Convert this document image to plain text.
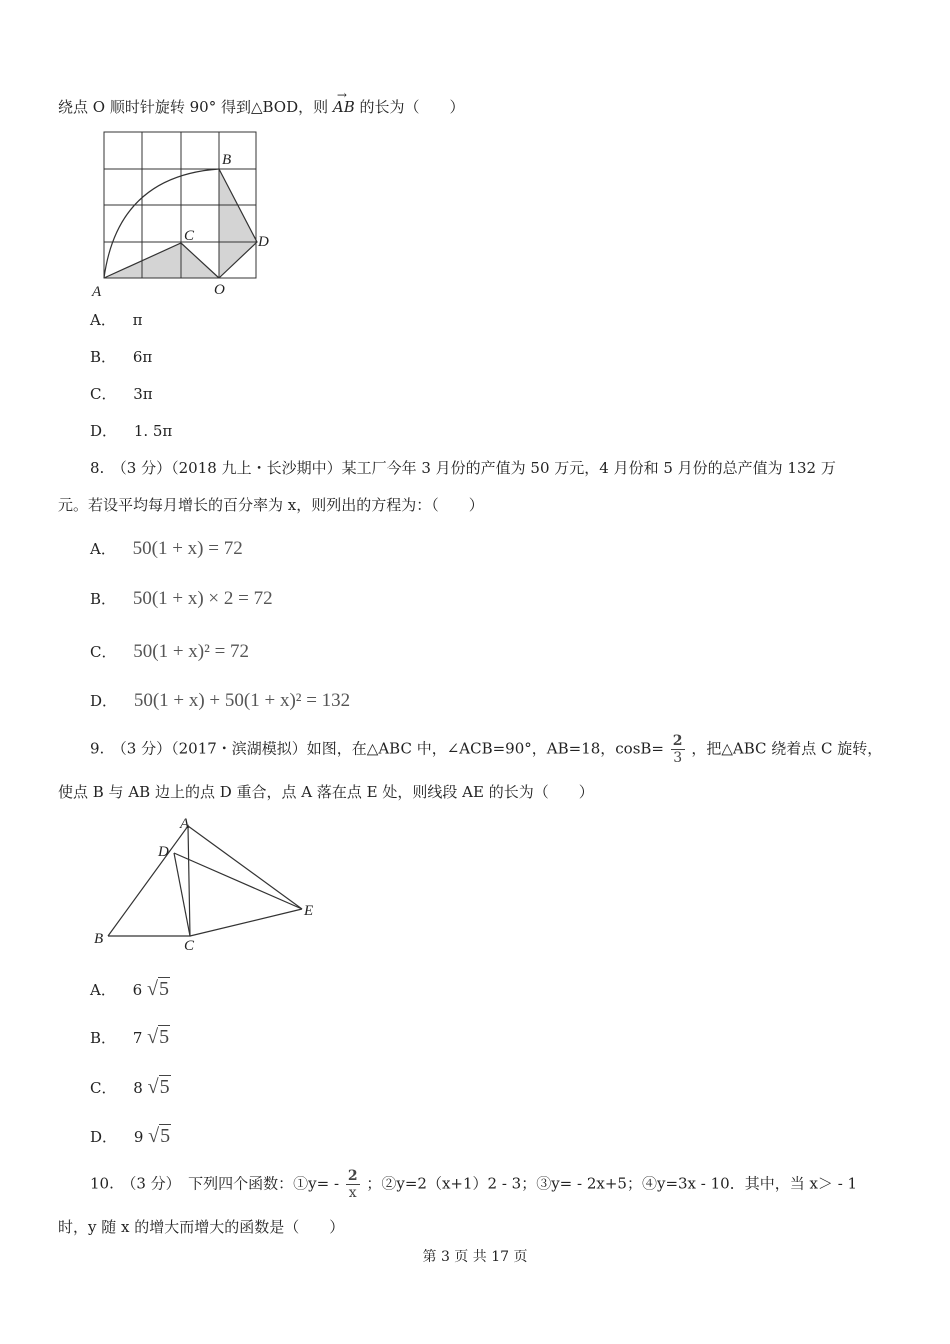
绕点 O 顺时针旋转 90° 得到△BOD，则 → AB 的长为（　　）
A
B
C	D
O
A． π
B． 6π
C． 3π
D． 1. 5π
8.　（3 分）（2018 九上・长沙期中）某工厂今年 3 月份的产值为 50 万元，4 月份和 5 月份的总产值为 132 万
元。若设平均每月增长的百分率为 x，则列出的方程为：（　　）
A． 50(1 + x) = 72
B． 50(1 + x) × 2 = 72
C． 50(1 + x)² = 72
D． 50(1 + x) + 50(1 + x)² = 132
9.　（3 分）（2017・滨湖模拟）如图，在△ABC 中，∠ACB=90°，AB=18，$\cos B= \frac{2}{3}$ ，把△ABC 绕着点 C 旋转，
使点 B 与 AB 边上的点 D 重合，点 A 落在点 E 处，则线段 AE 的长为（　　）
A
B	C
D
E
A． 6 √5
B． 7 √5
C． 8 √5
D． 9 √5
10.　（3 分）　下列四个函数：①y= - $\frac{2}{x}$ ；②y=2（x+1）2 - 3；③y= - 2x+5；④y=3x - 10．其中，当 x＞ - 1
时，y 随 x 的增大而增大的函数是（　　）
第 3 页 共 17 页
